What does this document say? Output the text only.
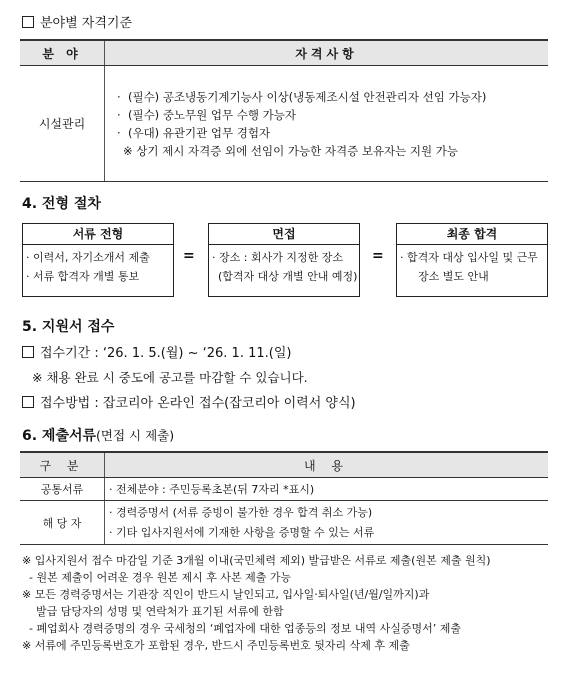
분야별 자격기준
분 야	자격사항
시설관리	·  (필수) 공조냉동기계기능사 이상(냉동제조시설 안전관리자 선임 가능자)
·  (필수) 중노무원 업무 수행 가능자
·  (우대) 유관기관 업무 경험자
※ 상기 제시 자격증 외에 선임이 가능한 자격증 보유자는 지원 가능
4. 전형 절차
서류 전형
· 이력서, 자기소개서 제출
· 서류 합격자 개별 통보
=
면접
· 장소 : 회사가 지정한 장소
(합격자 대상 개별 안내 예정)
=
최종 합격
· 합격자 대상 입사일 및 근무
장소 별도 안내
5. 지원서 접수
접수기간 : ‘26. 1. 5.(월) ~ ‘26. 1. 11.(일)
※ 채용 완료 시 중도에 공고를 마감할 수 있습니다.
접수방법 : 잡코리아 온라인 접수(잡코리아 이력서 양식)
6. 제출서류(면접 시 제출)
구 분	내 용
공통서류	· 전체분야 : 주민등록초본(뒤 7자리 *표시)
해 당 자	· 경력증명서 (서류 증빙이 불가한 경우 합격 취소 가능)
· 기타 입사지원서에 기재한 사항을 증명할 수 있는 서류
※ 입사지원서 접수 마감일 기준 3개월 이내(국민체력 제외) 발급받은 서류로 제출(원본 제출 원칙)
- 원본 제출이 어려운 경우 원본 제시 후 사본 제출 가능
※ 모든 경력증명서는 기관장 직인이 반드시 날인되고, 입사일·퇴사일(년/월/일까지)과
발급 담당자의 성명 및 연락처가 표기된 서류에 한함
- 폐업회사 경력증명의 경우 국세청의 ‘폐업자에 대한 업종등의 정보 내역 사실증명서’ 제출
※ 서류에 주민등록번호가 포함된 경우, 반드시 주민등록번호 뒷자리 삭제 후 제출
